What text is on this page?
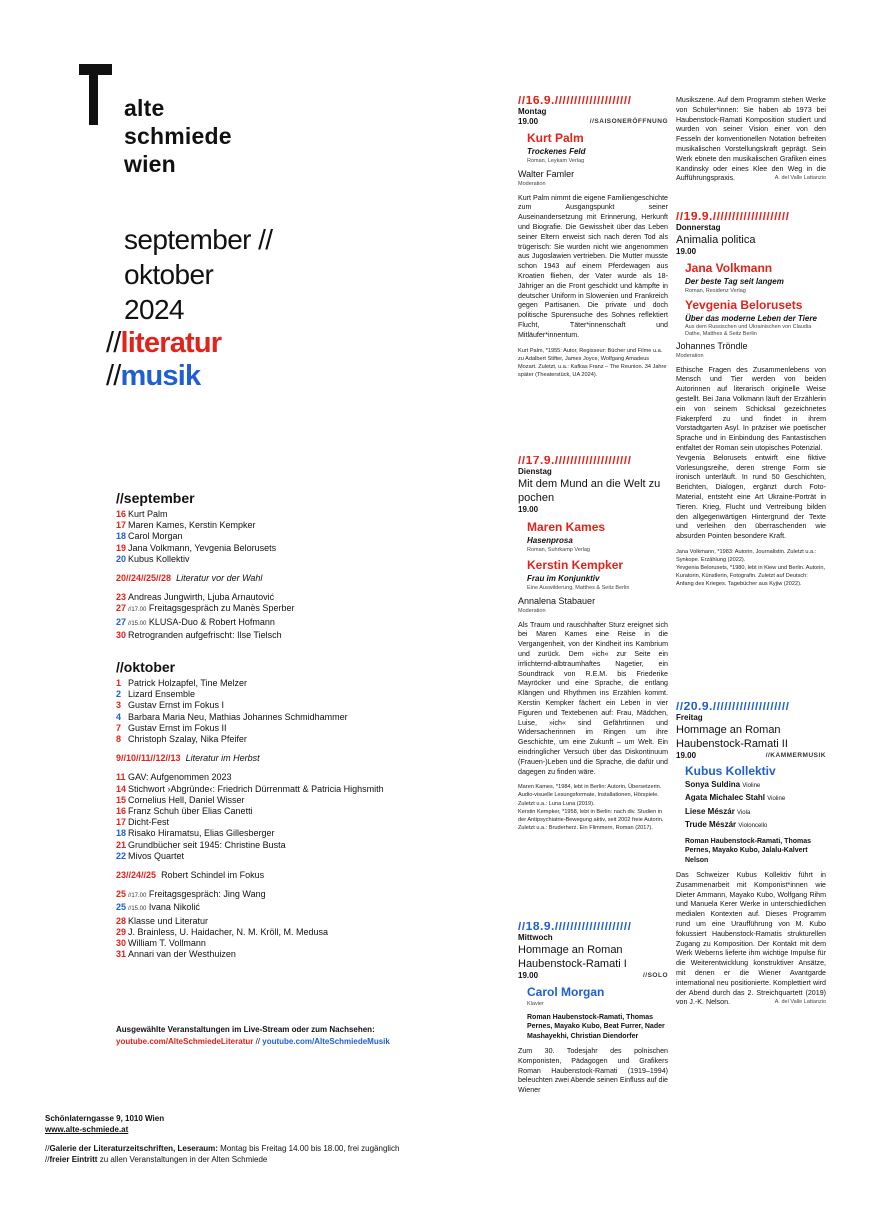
alte
schmiede
wien
september //
oktober
2024
//literatur
//musik
//september
16 Kurt Palm
17 Maren Kames, Kerstin Kempker
18 Carol Morgan
19 Jana Volkmann, Yevgenia Belorusets
20 Kubus Kollektiv
20//24//25//28 Literatur vor der Wahl
23 Andreas Jungwirth, Ljuba Arnautović
27 //17.00 Freitagsgespräch zu Manès Sperber
27 //15.00 KLUSA-Duo & Robert Hofmann
30 Retrogranden aufgefrischt: Ilse Tielsch
//oktober
1 Patrick Holzapfel, Tine Melzer
2 Lizard Ensemble
3 Gustav Ernst im Fokus I
4 Barbara Maria Neu, Mathias Johannes Schmidhammer
7 Gustav Ernst im Fokus II
8 Christoph Szalay, Nika Pfeifer
9//10//11//12//13 Literatur im Herbst
11 GAV: Aufgenommen 2023
14 Stichwort ›Abgründe‹: Friedrich Dürrenmatt & Patricia Highsmith
15 Cornelius Hell, Daniel Wisser
16 Franz Schuh über Elias Canetti
17 Dicht-Fest
18 Risako Hiramatsu, Elias Gillesberger
21 Grundbücher seit 1945: Christine Busta
22 Mivos Quartet
23//24//25 Robert Schindel im Fokus
25 //17.00 Freitagsgespräch: Jing Wang
25 //15.00 Ivana Nikolić
28 Klasse und Literatur
29 J. Brainless, U. Haidacher, N. M. Kröll, M. Medusa
30 William T. Vollmann
31 Annari van der Westhuizen
Ausgewählte Veranstaltungen im Live-Stream oder zum Nachsehen:
youtube.com/AlteSchmiedeLiteratur // youtube.com/AlteSchmiedeMusik
Schönlaterngasse 9, 1010 Wien
www.alte-schmiede.at
//Galerie der Literaturzeitschriften, Leseraum: Montag bis Freitag 14.00 bis 18.00, frei zugänglich
//freier Eintritt zu allen Veranstaltungen in der Alten Schmiede
//16.9.////////////////////
Montag
19.00	//SAISONERÖFFNUNG
Kurt Palm
Trockenes Feld
Roman, Leykam Verlag
Walter Famler
Moderation

Kurt Palm nimmt die eigene Familiengeschichte zum Ausgangspunkt seiner Auseinandersetzung mit Erinnerung, Herkunft und Biografie. Die Gewissheit über das Leben seiner Eltern erweist sich nach deren Tod als trügerisch: Sie wurden nicht wie angenommen aus Jugoslawien vertrieben. Die Mutter musste schon 1943 auf einem Pferdewagen aus Kroatien fliehen, der Vater wurde als 18-Jähriger an die Front geschickt und kämpfte in deutscher Uniform in Slowenien und Frankreich gegen Partisanen. Die private und doch politische Spurensuche des Sohnes reflektiert Flucht, Täter*innenschaft und Mitläufer*innentum.

Kurt Palm, *1955: Autor, Regisseur: Bücher und Filme u.a. zu Adalbert Stifter, James Joyce, Wolfgang Amadeus Mozart. Zuletzt, u.a.: Kafkas Franz – The Reunion. 34 Jahre später (Theaterstück, UA 2024).

//17.9.////////////////////
Dienstag
Mit dem Mund an die Welt zu pochen
19.00
Maren Kames
Hasenprosa
Roman, Suhrkamp Verlag
Kerstin Kempker
Frau im Konjunktiv
Eine Auswilderung, Matthes & Seitz Berlin
Annalena Stabauer
Moderation

Als Traum und rauschhafter Sturz ereignet sich bei Maren Kames eine Reise in die Vergangenheit, von der Kindheit ins Kambrium und zurück. Dem »ich« zur Seite ein irrlichternd-albtraumhaftes Nagetier, ein Soundtrack von R.E.M. bis Friederike Mayröcker und eine Sprache, die entlang Klängen und Rhythmen ins Erzählen kommt. Kerstin Kempker fächert ein Leben in vier Figuren und Textebenen auf: Frau, Mädchen, Luise, »ich« sind Gefährtinnen und Widersacherinnen im Ringen um ihre Geschichte, um eine Zukunft – um Welt. Ein eindringlicher Versuch über das Diskontinuum (Frauen-)Leben und die Sprache, die dafür und dagegen zu finden wäre.

Maren Kames, *1984, lebt in Berlin: Autorin, Übersetzerin. Audio-visuelle Lesungsformate, Installationen, Hörspiele. Zuletzt u.a.: Luna Luna (2019).

Kerstin Kempker, *1958, lebt in Berlin: nach div. Studien in der Antipsychiatrie-Bewegung aktiv, seit 2002 freie Autorin. Zuletzt u.a.: Bruderherz. Ein Flimmern, Roman (2017).

//18.9.////////////////////
Mittwoch
Hommage an Roman Haubenstock-Ramati I
19.00	//SOLO
Carol Morgan
Klavier
Roman Haubenstock-Ramati, Thomas Pernes, Mayako Kubo, Beat Furrer, Nader Mashayekhi, Christian Diendorfer

Zum 30. Todesjahr des polnischen Komponisten, Pädagogen und Grafikers Roman Haubenstock-Ramati (1919–1994) beleuchten zwei Abende seinen Einfluss auf die Wiener

Musikszene. Auf dem Programm stehen Werke von Schüler*innen: Sie haben ab 1973 bei Haubenstock-Ramati Komposition studiert und wurden von seiner Vision einer von den Fesseln der konventionellen Notation befreiten musikalischen Vorstellungskraft geprägt. Sein Werk ebnete den musikalischen Grafiken eines Kandinsky oder eines Klee den Weg in die Aufführungspraxis.	A. del Valle Lattanzio

//19.9.////////////////////
Donnerstag
Animalia politica
19.00
Jana Volkmann
Der beste Tag seit langem
Roman, Residenz Verlag
Yevgenia Belorusets
Über das moderne Leben der Tiere
Aus dem Russischen und Ukrainischen von Claudia Dathe, Matthes & Seitz Berlin
Johannes Tröndle
Moderation

Ethische Fragen des Zusammenlebens von Mensch und Tier werden von beiden Autorinnen auf literarisch originelle Weise gestellt. Bei Jana Volkmann läuft der Erzählerin ein von seinem Schicksal gezeichnetes Fiakerpferd zu und findet in ihrem Vorstadtgarten Asyl. In präziser wie poetischer Sprache und in Einbindung des Fantastischen entfaltet der Roman sein utopisches Potenzial.

Yevgenia Belorusets entwirft eine fiktive Vorlesungsreihe, deren strenge Form sie ironisch unterläuft. In rund 50 Geschichten, Berichten, Dialogen, ergänzt durch Foto-Material, entsteht eine Art Ukraine-Porträt in Tieren. Krieg, Flucht und Vertreibung bilden den allgegenwärtigen Hintergrund der Texte und verleihen den überraschenden wie absurden Pointen besondere Kraft.

Jana Volkmann, *1983: Autorin, Journalistin. Zuletzt u.a.: Synkope. Erzählung (2022).

Yevgenia Belorusets, *1980, lebt in Kiew und Berlin. Autorin, Kuratorin, Künstlerin, Fotografin. Zuletzt auf Deutsch: Anfang des Krieges. Tagebücher aus Kyjiw (2022).

//20.9.////////////////////
Freitag
Hommage an Roman Haubenstock-Ramati II
19.00	//KAMMERMUSIK
Kubus Kollektiv
Sonya Suldina Violine
Agata Michalec Stahl Violine
Liese Mészár Viola
Trude Mészár Violoncello
Roman Haubenstock-Ramati, Thomas Pernes, Mayako Kubo, Jalalu-Kalvert Nelson

Das Schweizer Kubus Kollektiv führt in Zusammenarbeit mit Komponist*innen wie Dieter Ammann, Mayako Kubo, Wolfgang Rihm und Manuela Kerer Werke in unterschiedlichen medialen Kontexten auf. Dieses Programm rund um eine Uraufführung von M. Kubo fokussiert Haubenstock-Ramatis strukturellen Zugang zu Komposition. Der Kontakt mit dem Werk Weberns lieferte ihm wichtige Impulse für die Weiterentwicklung konstruktiver Ansätze, mit denen er die Wiener Avantgarde international neu positionierte. Komplettiert wird der Abend durch das 2. Streichquartett (2019) von J.-K. Nelson.	A. del Valle Lattanzio
